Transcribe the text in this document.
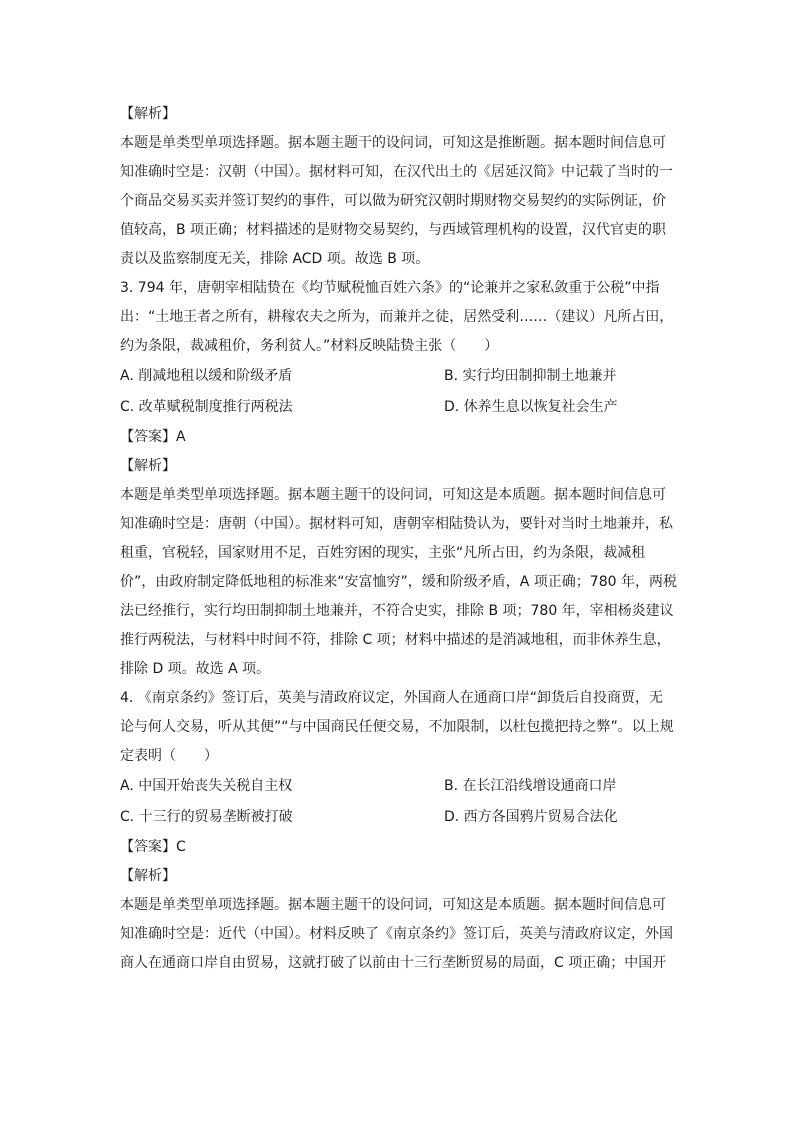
【解析】
本题是单类型单项选择题。据本题主题干的设问词，可知这是推断题。据本题时间信息可
知准确时空是：汉朝（中国）。据材料可知，在汉代出土的《居延汉简》中记载了当时的一
个商品交易买卖并签订契约的事件，可以做为研究汉朝时期财物交易契约的实际例证，价
值较高，B 项正确；材料描述的是财物交易契约，与西域管理机构的设置，汉代官吏的职
责以及监察制度无关，排除 ACD 项。故选 B 项。
3. 794 年，唐朝宰相陆贽在《均节赋税恤百姓六条》的“论兼并之家私敛重于公税”中指
出：“土地王者之所有，耕稼农夫之所为，而兼并之徒，居然受利……（建议）凡所占田，
约为条限，裁减租价，务利贫人。”材料反映陆贽主张（　　）
A. 削减地租以缓和阶级矛盾	B. 实行均田制抑制土地兼并
C. 改革赋税制度推行两税法	D. 休养生息以恢复社会生产
【答案】A
【解析】
本题是单类型单项选择题。据本题主题干的设问词，可知这是本质题。据本题时间信息可
知准确时空是：唐朝（中国）。据材料可知，唐朝宰相陆贽认为，要针对当时土地兼并，私
租重，官税轻，国家财用不足，百姓穷困的现实，主张“凡所占田，约为条限，裁减租
价”，由政府制定降低地租的标准来“安富恤穷”，缓和阶级矛盾，A 项正确；780 年，两税
法已经推行，实行均田制抑制土地兼并，不符合史实，排除 B 项；780 年，宰相杨炎建议
推行两税法，与材料中时间不符，排除 C 项；材料中描述的是消减地租，而非休养生息，
排除 D 项。故选 A 项。
4. 《南京条约》签订后，英美与清政府议定，外国商人在通商口岸“卸货后自投商贾，无
论与何人交易，听从其便”“与中国商民任便交易，不加限制，以杜包揽把持之弊”。以上规
定表明（　　）
A. 中国开始丧失关税自主权	B. 在长江沿线增设通商口岸
C. 十三行的贸易垄断被打破	D. 西方各国鸦片贸易合法化
【答案】C
【解析】
本题是单类型单项选择题。据本题主题干的设问词，可知这是本质题。据本题时间信息可
知准确时空是：近代（中国）。材料反映了《南京条约》签订后，英美与清政府议定，外国
商人在通商口岸自由贸易，这就打破了以前由十三行垄断贸易的局面，C 项正确；中国开
